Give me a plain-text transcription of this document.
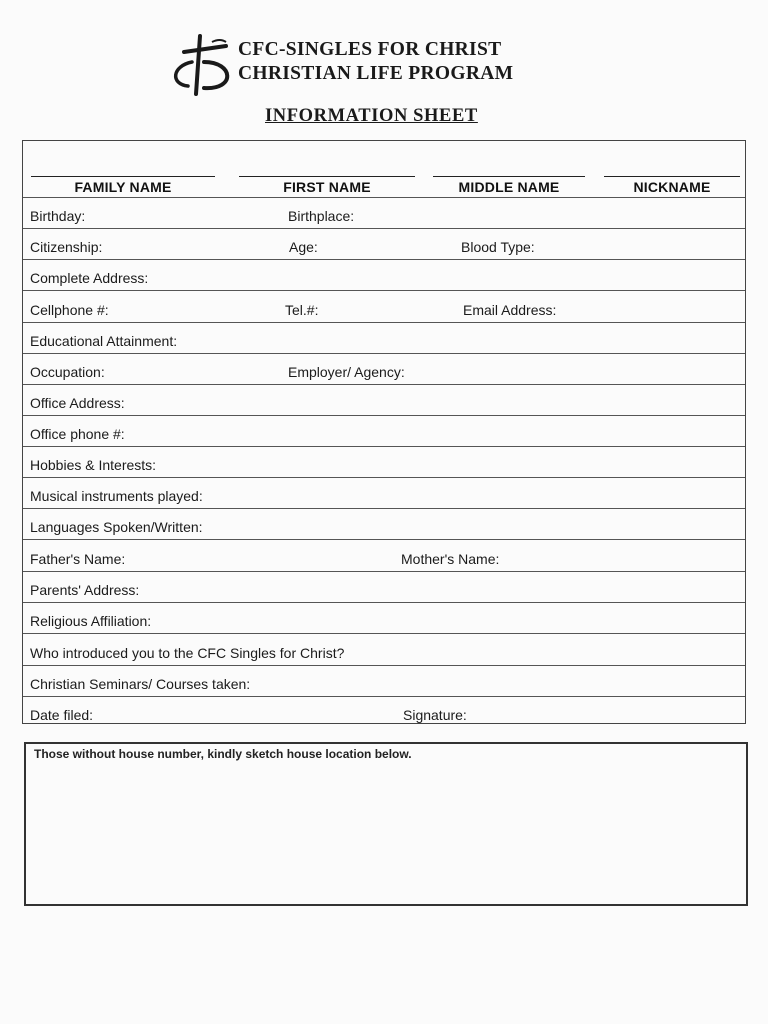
CFC-SINGLES FOR CHRIST
CHRISTIAN LIFE PROGRAM
INFORMATION SHEET
FAMILY NAME	FIRST NAME	MIDDLE NAME	NICKNAME
Birthday:	Birthplace:
Citizenship:	Age:	Blood Type:
Complete Address:
Cellphone #:	Tel.#:	Email Address:
Educational Attainment:
Occupation:	Employer/ Agency:
Office Address:
Office phone #:
Hobbies & Interests:
Musical instruments played:
Languages Spoken/Written:
Father's Name:	Mother's Name:
Parents' Address:
Religious Affiliation:
Who introduced you to the CFC Singles for Christ?
Christian Seminars/ Courses taken:
Date filed:	Signature:

Those without house number, kindly sketch house location below.
